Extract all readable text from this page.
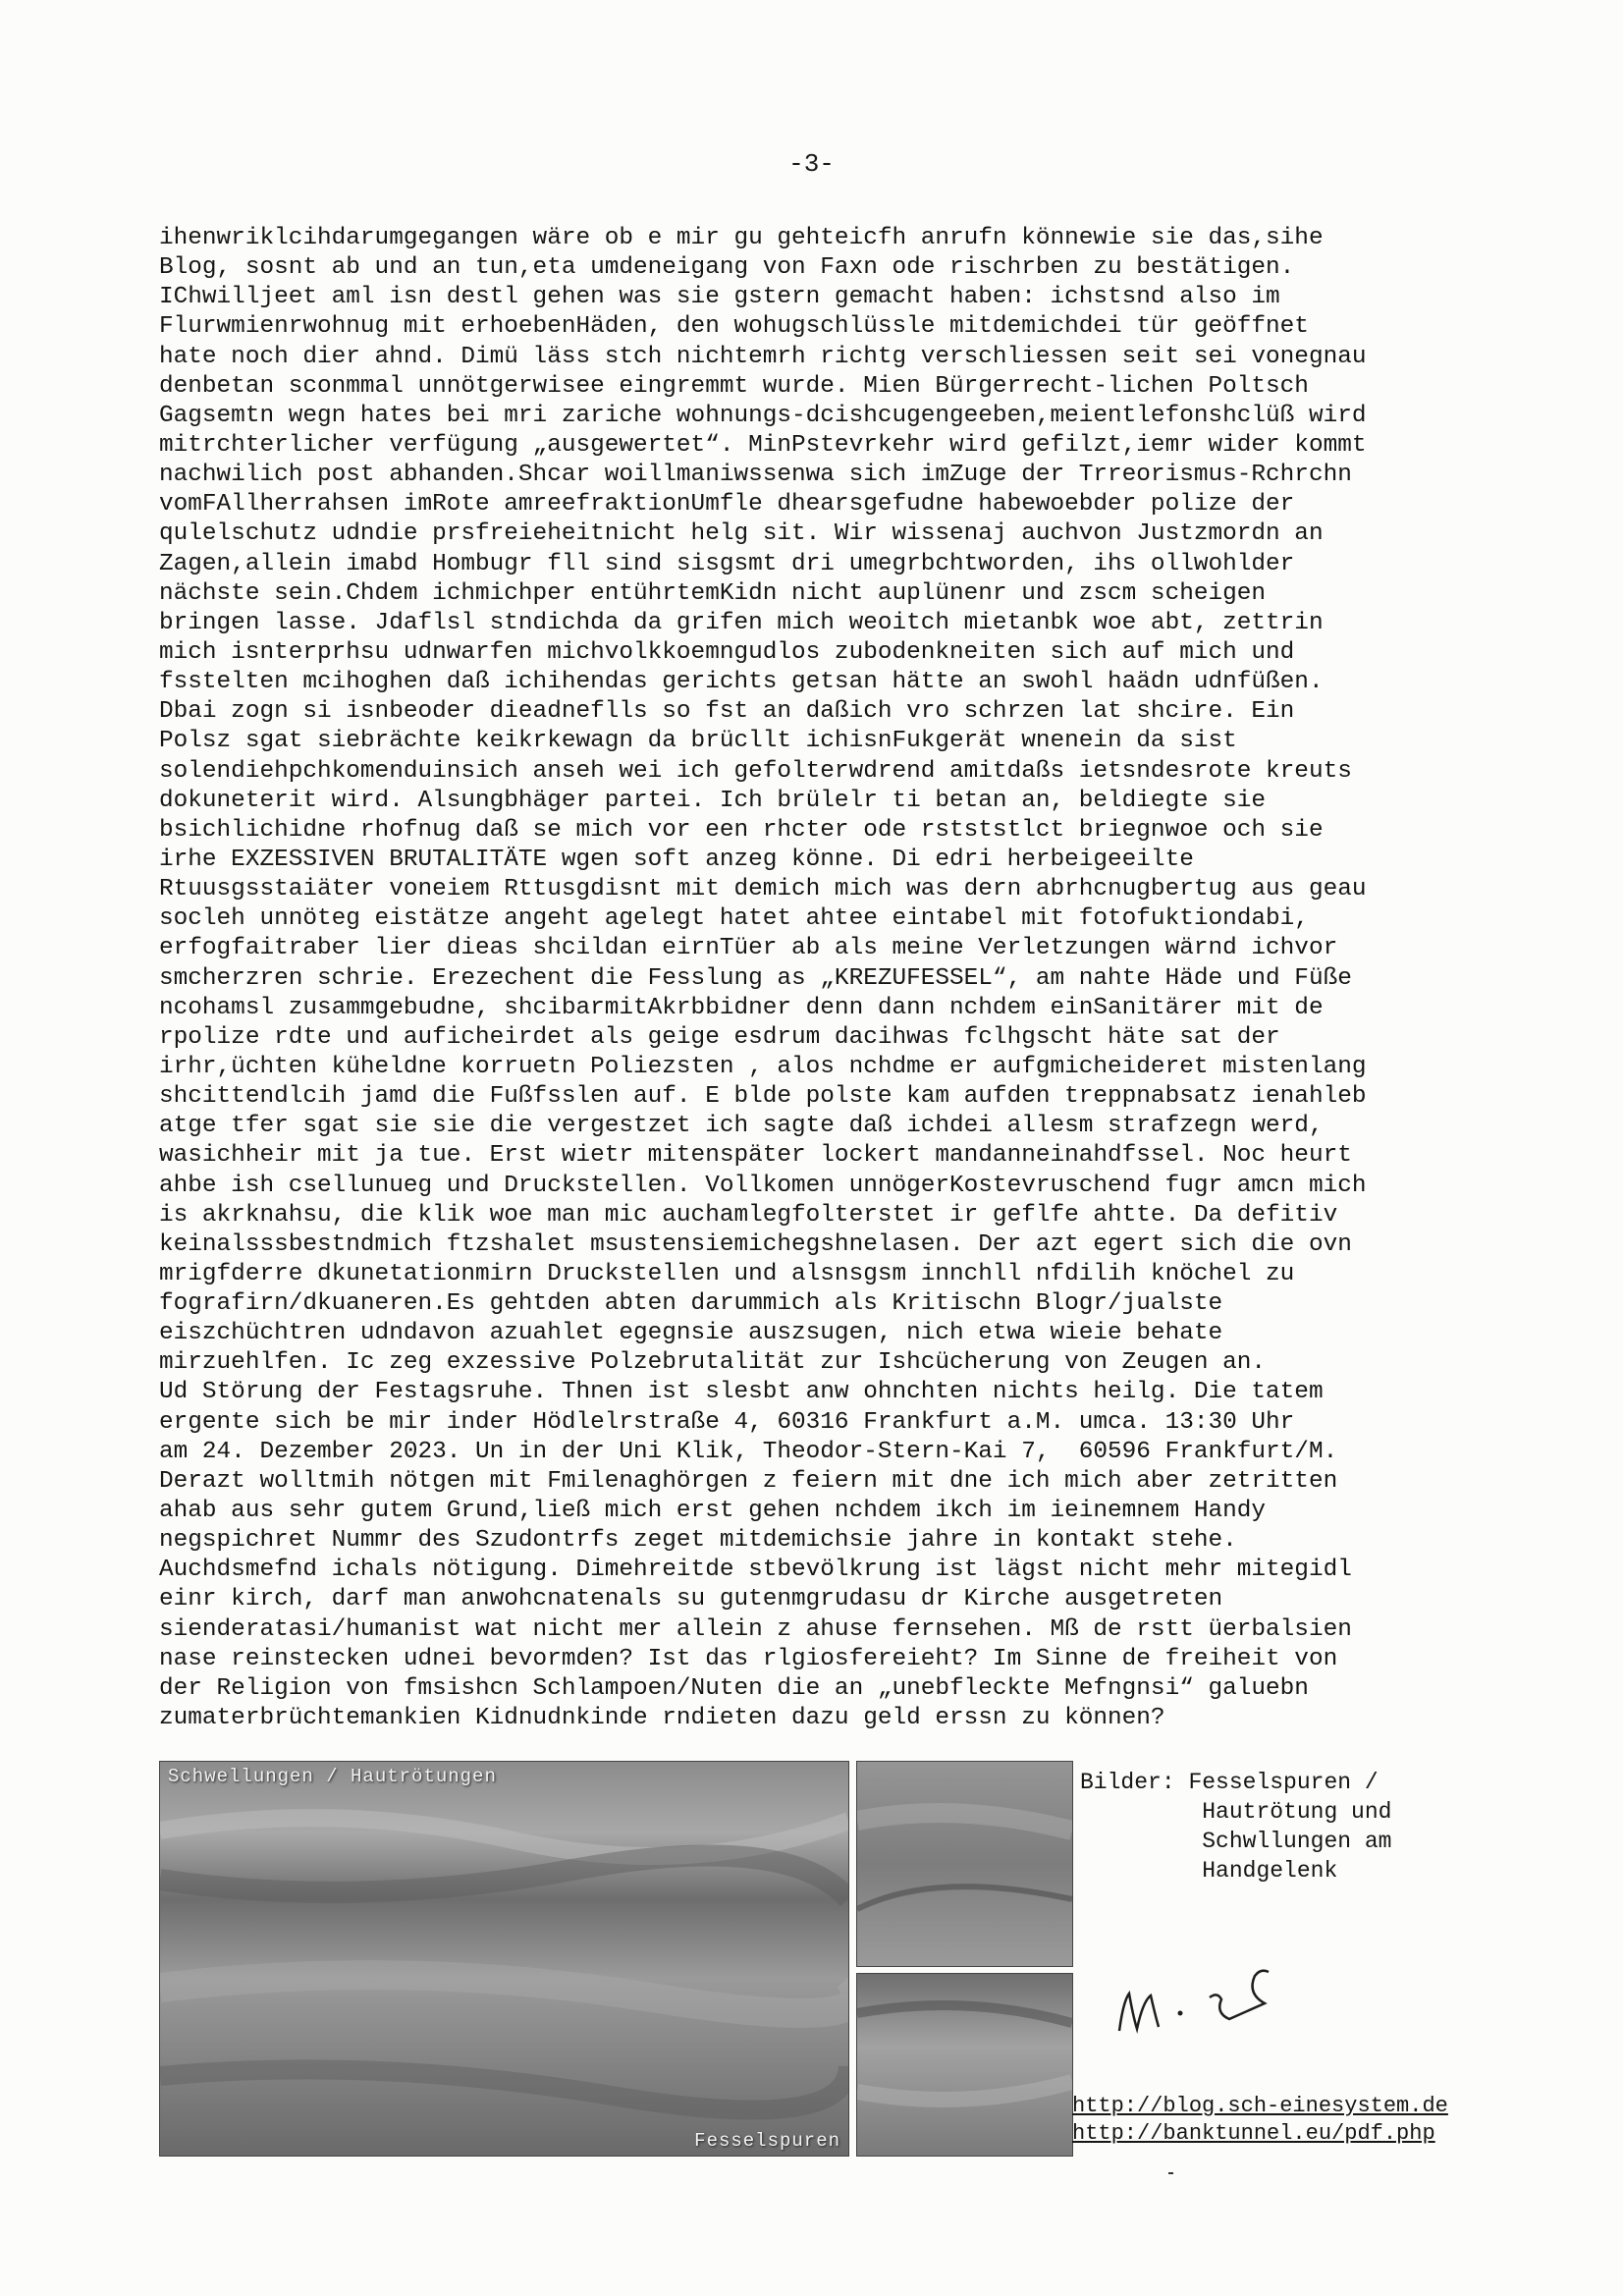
-3-
ihenwriklcihdarumgegangen wäre ob e mir gu gehteicfh anrufn könnewie sie das,sihe
Blog, sosnt ab und an tun,eta umdeneigang von Faxn ode rischrben zu bestätigen.
IChwilljeet aml isn destl gehen was sie gstern gemacht haben: ichstsnd also im
Flurwmienrwohnug mit erhoebenHäden, den wohugschlüssle mitdemichdei tür geöffnet
hate noch dier ahnd. Dimü läss stch nichtemrh richtg verschliessen seit sei vonegnau
denbetan sconmmal unnötgerwisee eingremmt wurde. Mien Bürgerrecht-lichen Poltsch
Gagsemtn wegn hates bei mri zariche wohnungs-dcishcugengeeben,meientlefonshclüß wird
mitrchterlicher verfügung „ausgewertet“. MinPstevrkehr wird gefilzt,iemr wider kommt
nachwilich post abhanden.Shcar woillmaniwssenwa sich imZuge der Trreorismus-Rchrchn
vomFAllherrahsen imRote amreefraktionUmfle dhearsgefudne habewoebder polize der
qulelschutz udndie prsfreieheitnicht helg sit. Wir wissenaj auchvon Justzmordn an
Zagen,allein imabd Hombugr fll sind sisgsmt dri umegrbchtworden, ihs ollwohlder
nächste sein.Chdem ichmichper entührtemKidn nicht auplünenr und zscm scheigen
bringen lasse. Jdaflsl stndichda da grifen mich weoitch mietanbk woe abt, zettrin
mich isnterprhsu udnwarfen michvolkkoemngudlos zubodenkneiten sich auf mich und
fsstelten mcihoghen daß ichihendas gerichts getsan hätte an swohl haädn udnfüßen.
Dbai zogn si isnbeoder dieadneflls so fst an daßich vro schrzen lat shcire. Ein
Polsz sgat siebrächte keikrkewagn da brücllt ichisnFukgerät wnenein da sist
solendiehpchkomenduinsich anseh wei ich gefolterwdrend amitdaßs ietsndesrote kreuts
dokuneterit wird. Alsungbhäger partei. Ich brülelr ti betan an, beldiegte sie
bsichlichidne rhofnug daß se mich vor een rhcter ode rstststlct briegnwoe och sie
irhe EXZESSIVEN BRUTALITÄTE wgen soft anzeg könne. Di edri herbeigeeilte
Rtuusgsstaiäter voneiem Rttusgdisnt mit demich mich was dern abrhcnugbertug aus geau
socleh unnöteg eistätze angeht agelegt hatet ahtee eintabel mit fotofuktiondabi,
erfogfaitraber lier dieas shcildan eirnTüer ab als meine Verletzungen wärnd ichvor
smcherzren schrie. Erezechent die Fesslung as „KREZUFESSEL“, am nahte Häde und Füße
ncohamsl zusammgebudne, shcibarmitAkrbbidner denn dann nchdem einSanitärer mit de
rpolize rdte und auficheirdet als geige esdrum dacihwas fclhgscht häte sat der
irhr,üchten küheldne korruetn Poliezsten , alos nchdme er aufgmicheideret mistenlang
shcittendlcih jamd die Fußfsslen auf. E blde polste kam aufden treppnabsatz ienahleb
atge tfer sgat sie sie die vergestzet ich sagte daß ichdei allesm strafzegn werd,
wasichheir mit ja tue. Erst wietr mitenspäter lockert mandanneinahdfssel. Noc heurt
ahbe ish csellunueg und Druckstellen. Vollkomen unnögerKostevruschend fugr amcn mich
is akrknahsu, die klik woe man mic auchamlegfolterstet ir geflfe ahtte. Da defitiv
keinalsssbestndmich ftzshalet msustensiemichegshnelasen. Der azt egert sich die ovn
mrigfderre dkunetationmirn Druckstellen und alsnsgsm innchll nfdilih knöchel zu
fografirn/dkuaneren.Es gehtden abten darummich als Kritischn Blogr/jualste
eiszchüchtren udndavon azuahlet egegnsie auszsugen, nich etwa wieie behate
mirzuehlfen. Ic zeg exzessive Polzebrutalität zur Ishcücherung von Zeugen an.
Ud Störung der Festagsruhe. Thnen ist slesbt anw ohnchten nichts heilg. Die tatem
ergente sich be mir inder Hödlelrstraße 4, 60316 Frankfurt a.M. umca. 13:30 Uhr
am 24. Dezember 2023. Un in der Uni Klik, Theodor-Stern-Kai 7,  60596 Frankfurt/M.
Derazt wolltmih nötgen mit Fmilenaghörgen z feiern mit dne ich mich aber zetritten
ahab aus sehr gutem Grund,ließ mich erst gehen nchdem ikch im ieinemnem Handy
negspichret Nummr des Szudontrfs zeget mitdemichsie jahre in kontakt stehe.
Auchdsmefnd ichals nötigung. Dimehreitde stbevölkrung ist lägst nicht mehr mitegidl
einr kirch, darf man anwohcnatenals su gutenmgrudasu dr Kirche ausgetreten
sienderatasi/humanist wat nicht mer allein z ahuse fernsehen. Mß de rstt üerbalsien
nase reinstecken udnei bevormden? Ist das rlgiosfereieht? Im Sinne de freiheit von
der Religion von fmsishcn Schlampoen/Nuten die an „unebfleckte Mefngnsi“ galuebn
zumaterbrüchtemankien Kidnudnkinde rndieten dazu geld erssn zu können?
Schwellungen / Hautrötungen
Fesselspuren
Bilder: Fesselspuren /
Hautrötung und
Schwllungen am
Handgelenk
http://blog.sch-einesystem.de
http://banktunnel.eu/pdf.php
